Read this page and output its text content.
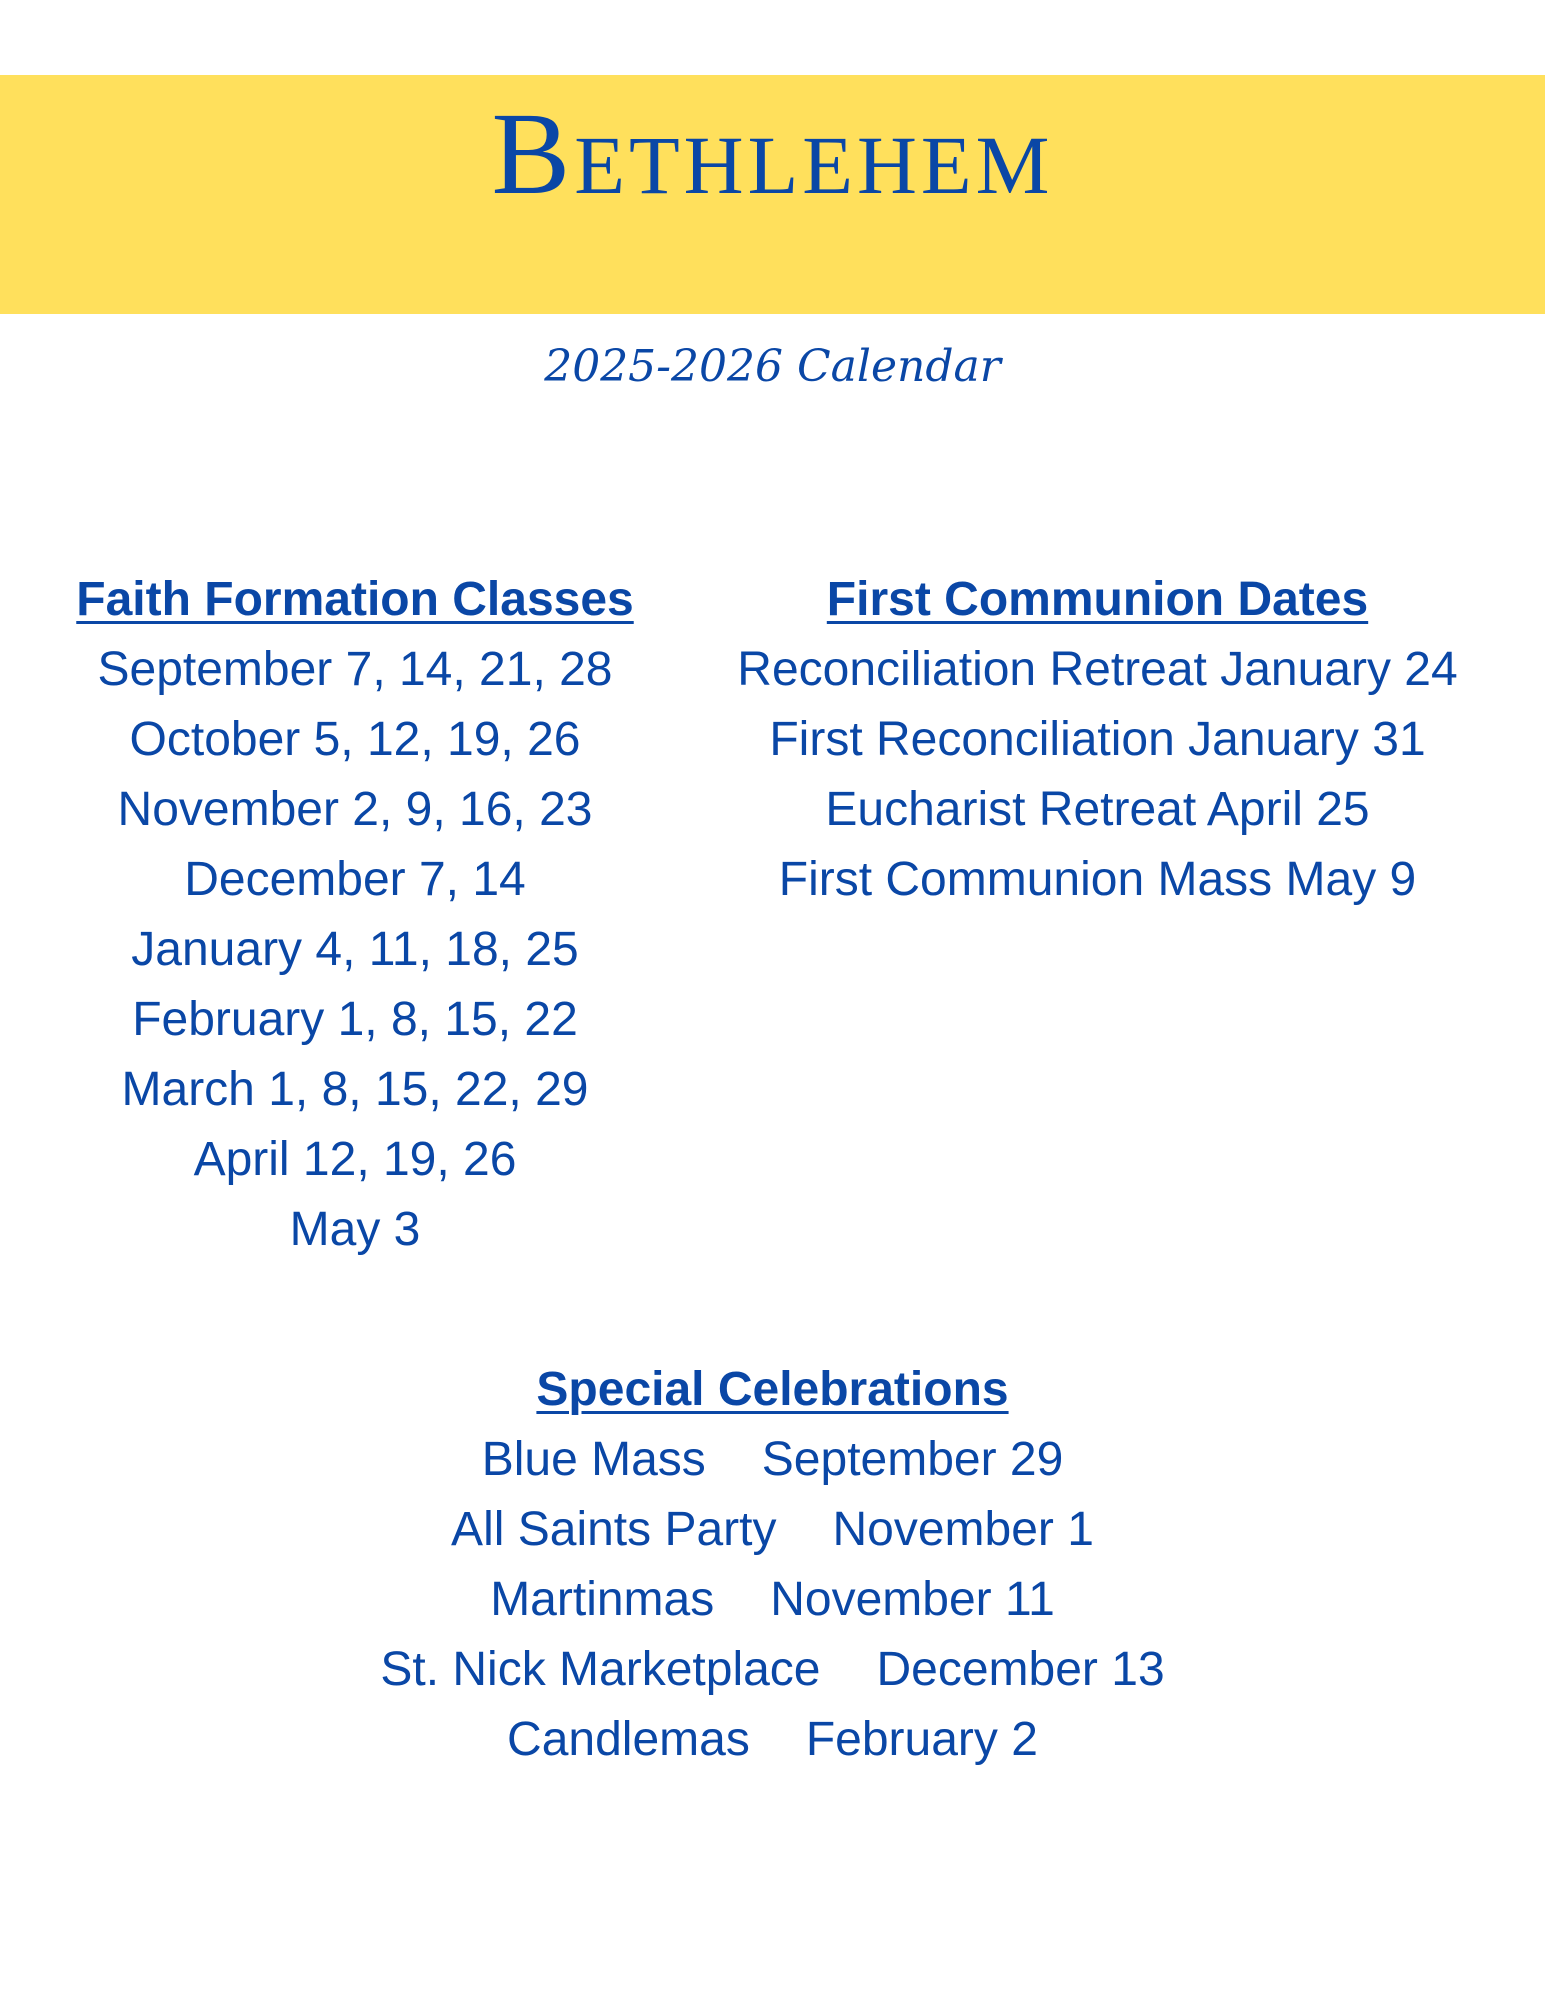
Bethlehem
2025-2026 Calendar
Faith Formation Classes
September 7, 14, 21, 28
October 5, 12, 19, 26
November 2, 9, 16, 23
December 7, 14
January 4, 11, 18, 25
February 1, 8, 15, 22
March 1, 8, 15, 22, 29
April 12, 19, 26
May 3
First Communion Dates
Reconciliation Retreat January 24
First Reconciliation January 31
Eucharist Retreat April 25
First Communion Mass May 9
Special Celebrations
Blue Mass September 29
All Saints Party November 1
Martinmas November 11
St. Nick Marketplace December 13
Candlemas February 2
